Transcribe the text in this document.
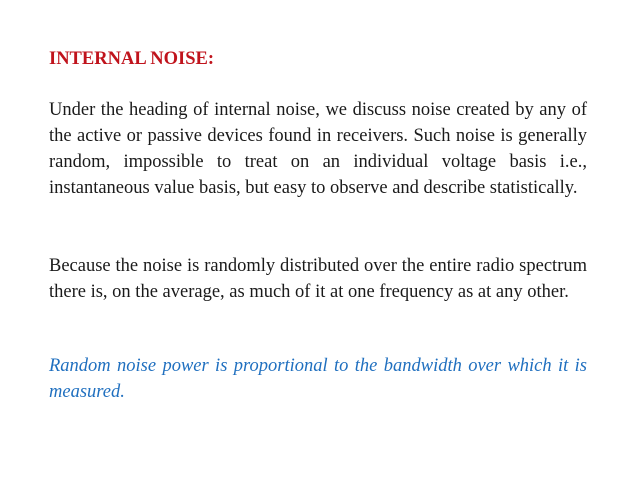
INTERNAL NOISE:
Under the heading of internal noise, we discuss noise created by any of the active or passive devices found in receivers. Such noise is generally random, impossible to treat on an individual voltage basis i.e., instantaneous value basis, but easy to observe and describe statistically.
Because the noise is randomly distributed over the entire radio spectrum there is, on the average, as much of it at one frequency as at any other.
Random noise power is proportional to the bandwidth over which it is measured.
